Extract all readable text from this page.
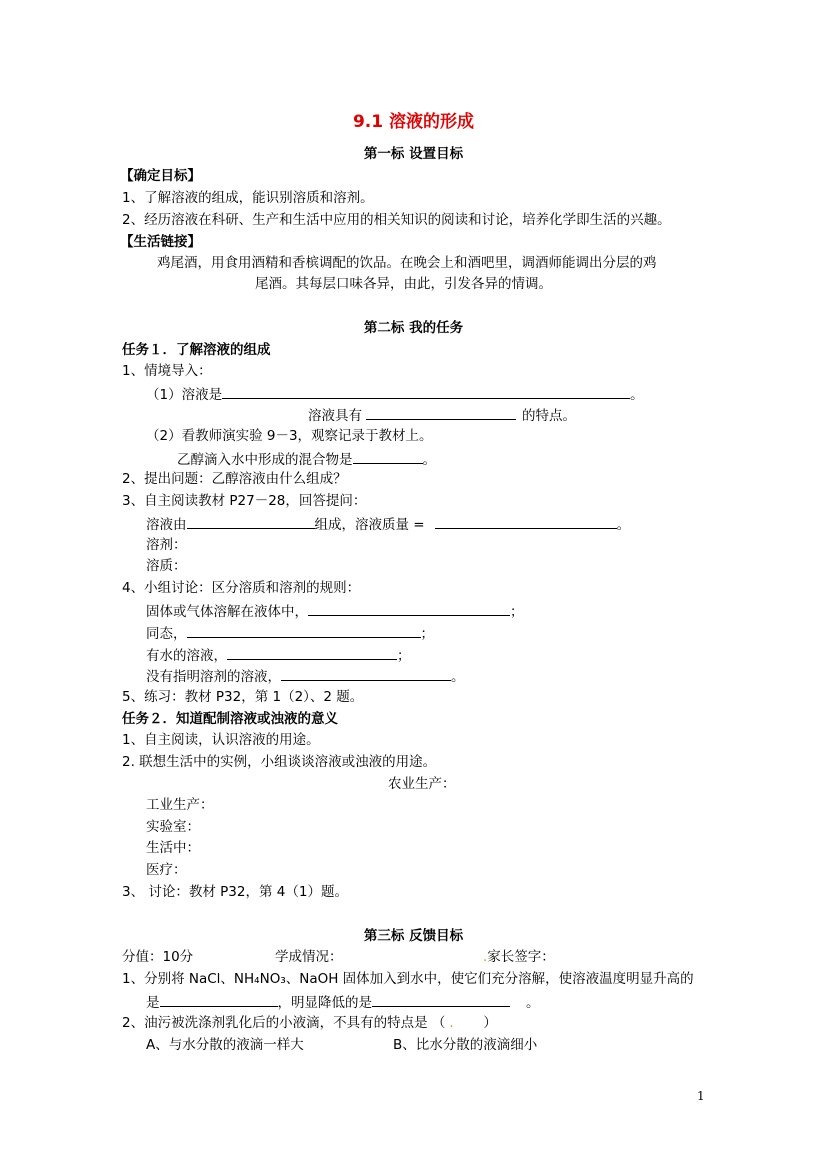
9.1 溶液的形成
第一标 设置目标
【确定目标】
1、了解溶液的组成，能识别溶质和溶剂。
2、经历溶液在科研、生产和生活中应用的相关知识的阅读和讨论，培养化学即生活的兴趣。
【生活链接】
鸡尾酒，用食用酒精和香槟调配的饮品。在晚会上和酒吧里，调酒师能调出分层的鸡
尾酒。其每层口味各异，由此，引发各异的情调。
第二标 我的任务
任务１．了解溶液的组成
1、情境导入：
（1）溶液是	。
溶液具有	的特点。
（2）看教师演实验 9－3，观察记录于教材上。
乙醇滴入水中形成的混合物是	。
2、提出问题：乙醇溶液由什么组成？
3、自主阅读教材 P27－28，回答提问：
溶液由	组成，溶液质量 =	。
溶剂：
溶质：
4、小组讨论：区分溶质和溶剂的规则：
固体或气体溶解在液体中，	；
同态，	；
有水的溶液，	；
没有指明溶剂的溶液，	。
5、练习：教材 P32，第 1（2）、2 题。
任务２．知道配制溶液或浊液的意义
1、自主阅读，认识溶液的用途。
2. 联想生活中的实例，小组谈谈溶液或浊液的用途。
农业生产：
工业生产：
实验室：
生活中：
医疗：
3、 讨论：教材 P32，第 4（1）题。
第三标 反馈目标
分值：10分	学成情况：	.家长签字：
1、分别将 NaCl、NH₄NO₃、NaOH 固体加入到水中，使它们充分溶解，使溶液温度明显升高的
是	，明显降低的是	。
2、油污被洗涤剂乳化后的小液滴，不具有的特点是 （ . ）
A、与水分散的液滴一样大	B、比水分散的液滴细小
1
